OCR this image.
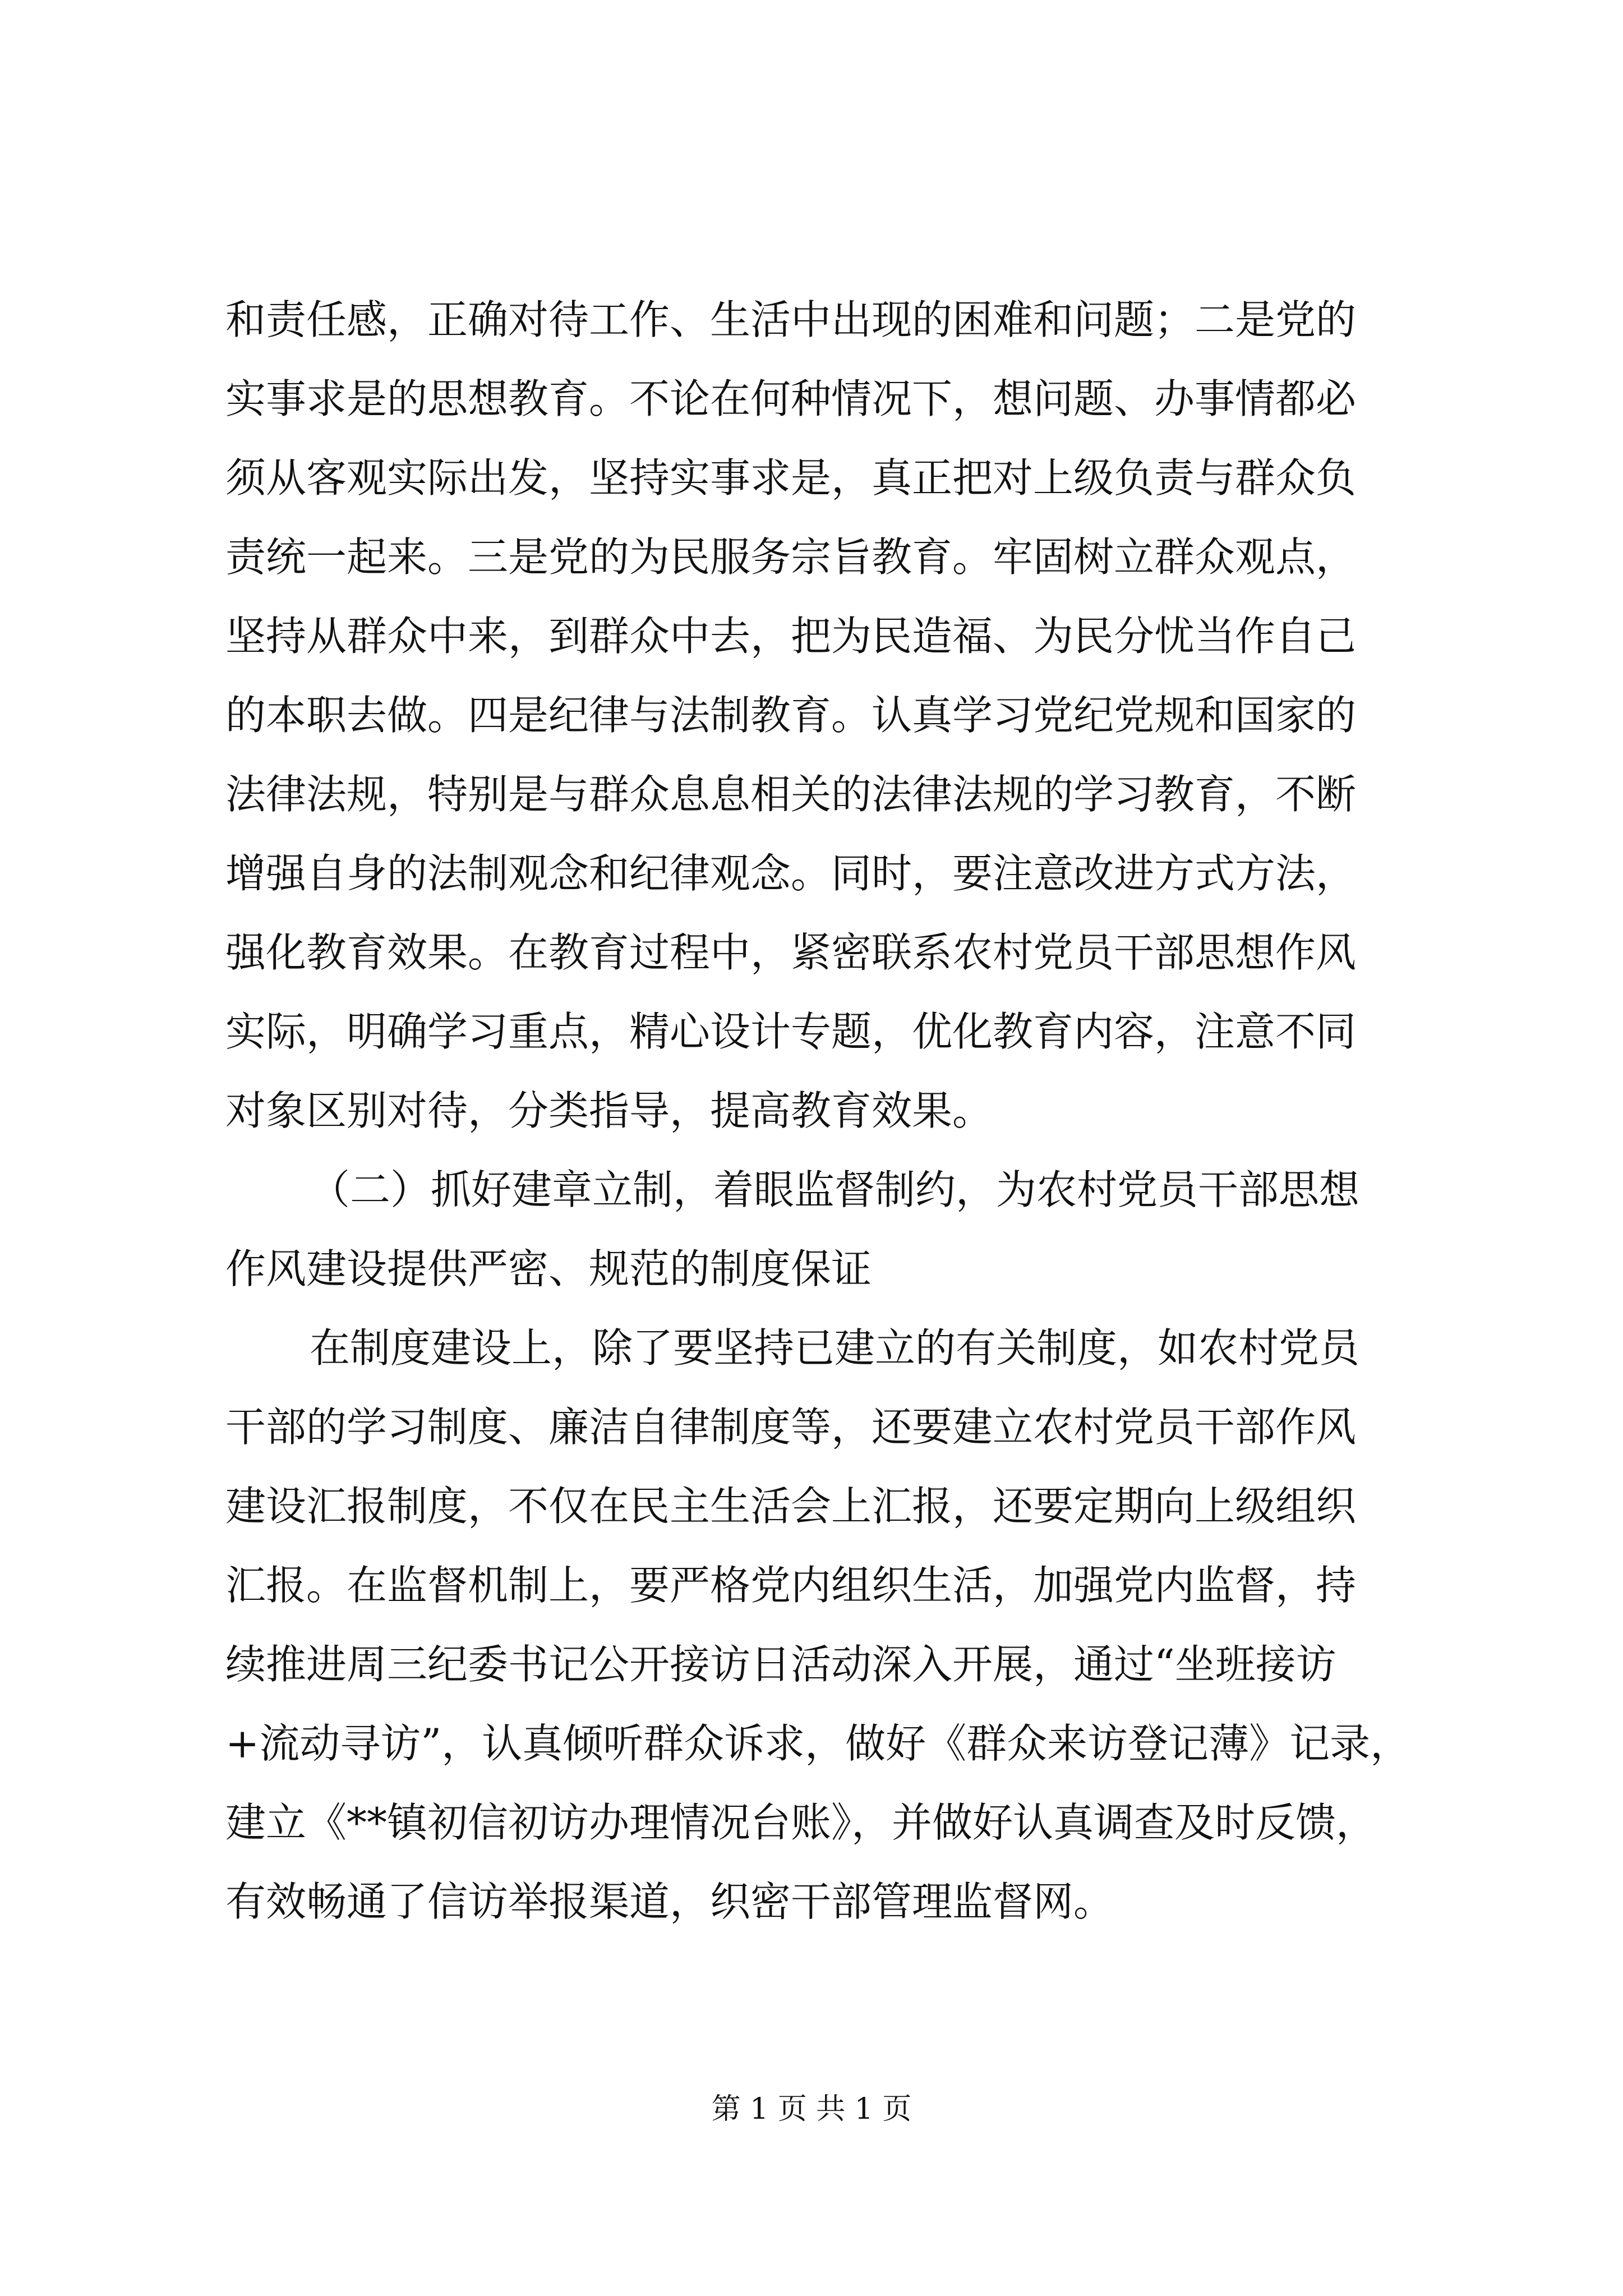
和责任感，正确对待工作、生活中出现的困难和问题；二是党的
实事求是的思想教育。不论在何种情况下，想问题、办事情都必
须从客观实际出发，坚持实事求是，真正把对上级负责与群众负
责统一起来。三是党的为民服务宗旨教育。牢固树立群众观点，
坚持从群众中来，到群众中去，把为民造福、为民分忧当作自己
的本职去做。四是纪律与法制教育。认真学习党纪党规和国家的
法律法规，特别是与群众息息相关的法律法规的学习教育，不断
增强自身的法制观念和纪律观念。同时，要注意改进方式方法，
强化教育效果。在教育过程中，紧密联系农村党员干部思想作风
实际，明确学习重点，精心设计专题，优化教育内容，注意不同
对象区别对待，分类指导，提高教育效果。
（二）抓好建章立制，着眼监督制约，为农村党员干部思想
作风建设提供严密、规范的制度保证
在制度建设上，除了要坚持已建立的有关制度，如农村党员
干部的学习制度、廉洁自律制度等，还要建立农村党员干部作风
建设汇报制度，不仅在民主生活会上汇报，还要定期向上级组织
汇报。在监督机制上，要严格党内组织生活，加强党内监督，持
续推进周三纪委书记公开接访日活动深入开展，通过“坐班接访
+流动寻访”，认真倾听群众诉求，做好《群众来访登记薄》记录，
建立《**镇初信初访办理情况台账》，并做好认真调查及时反馈，
有效畅通了信访举报渠道，织密干部管理监督网。
第 1 页 共 1 页
